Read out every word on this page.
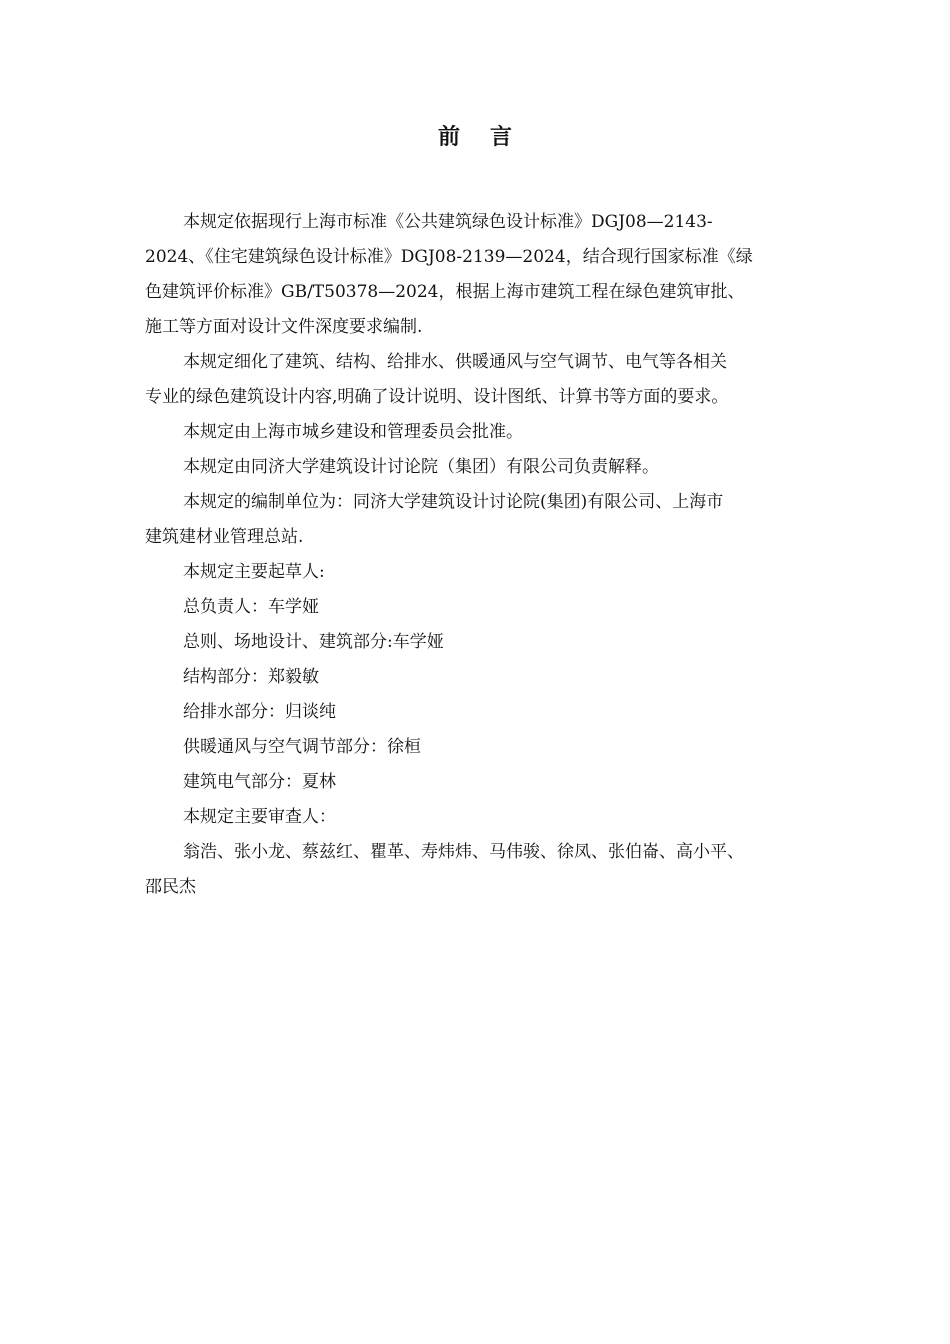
前言
本规定依据现行上海市标准《公共建筑绿色设计标准》DGJ08—2143-
2024、《住宅建筑绿色设计标准》DGJ08-2139—2024，结合现行国家标准《绿
色建筑评价标准》GB/T50378—2024，根据上海市建筑工程在绿色建筑审批、
施工等方面对设计文件深度要求编制.
本规定细化了建筑、结构、给排水、供暖通风与空气调节、电气等各相关
专业的绿色建筑设计内容,明确了设计说明、设计图纸、计算书等方面的要求。
本规定由上海市城乡建设和管理委员会批准。
本规定由同济大学建筑设计讨论院（集团）有限公司负责解释。
本规定的编制单位为：同济大学建筑设计讨论院(集团)有限公司、上海市
建筑建材业管理总站.
本规定主要起草人:
总负责人：车学娅
总则、场地设计、建筑部分:车学娅
结构部分：郑毅敏
给排水部分：归谈纯
供暖通风与空气调节部分：徐桓
建筑电气部分：夏林
本规定主要审查人：
翁浩、张小龙、蔡兹红、瞿革、寿炜炜、马伟骏、徐凤、张伯崙、高小平、
邵民杰
